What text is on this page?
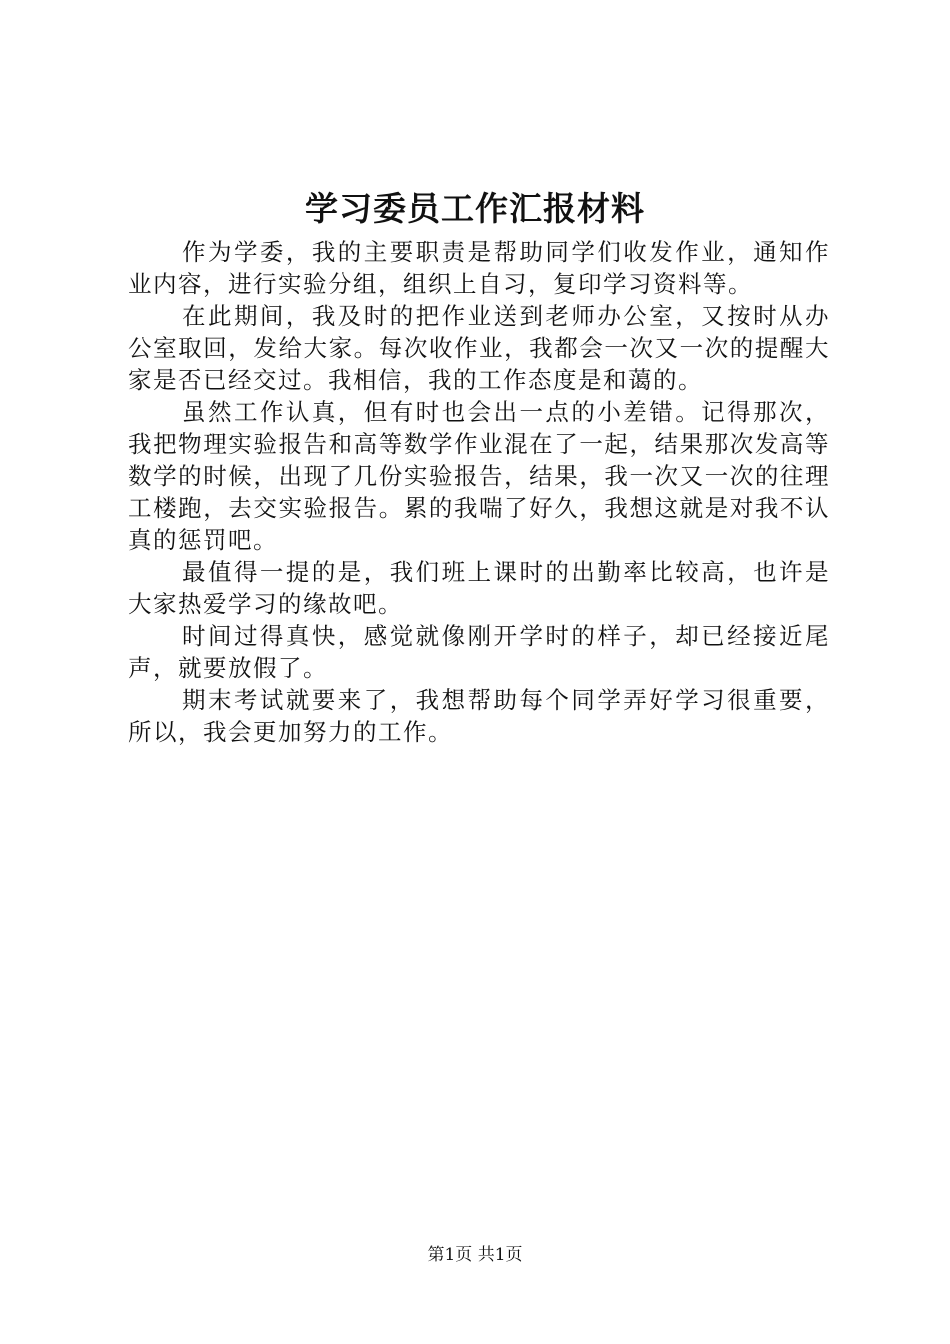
学习委员工作汇报材料

作为学委，我的主要职责是帮助同学们收发作业，通知作业内容，进行实验分组，组织上自习，复印学习资料等。

在此期间，我及时的把作业送到老师办公室，又按时从办公室取回，发给大家。每次收作业，我都会一次又一次的提醒大家是否已经交过。我相信，我的工作态度是和蔼的。

虽然工作认真，但有时也会出一点的小差错。记得那次，我把物理实验报告和高等数学作业混在了一起，结果那次发高等数学的时候，出现了几份实验报告，结果，我一次又一次的往理工楼跑，去交实验报告。累的我喘了好久，我想这就是对我不认真的惩罚吧。

最值得一提的是，我们班上课时的出勤率比较高，也许是大家热爱学习的缘故吧。

时间过得真快，感觉就像刚开学时的样子，却已经接近尾声，就要放假了。

期末考试就要来了，我想帮助每个同学弄好学习很重要，所以，我会更加努力的工作。

第1页 共1页
